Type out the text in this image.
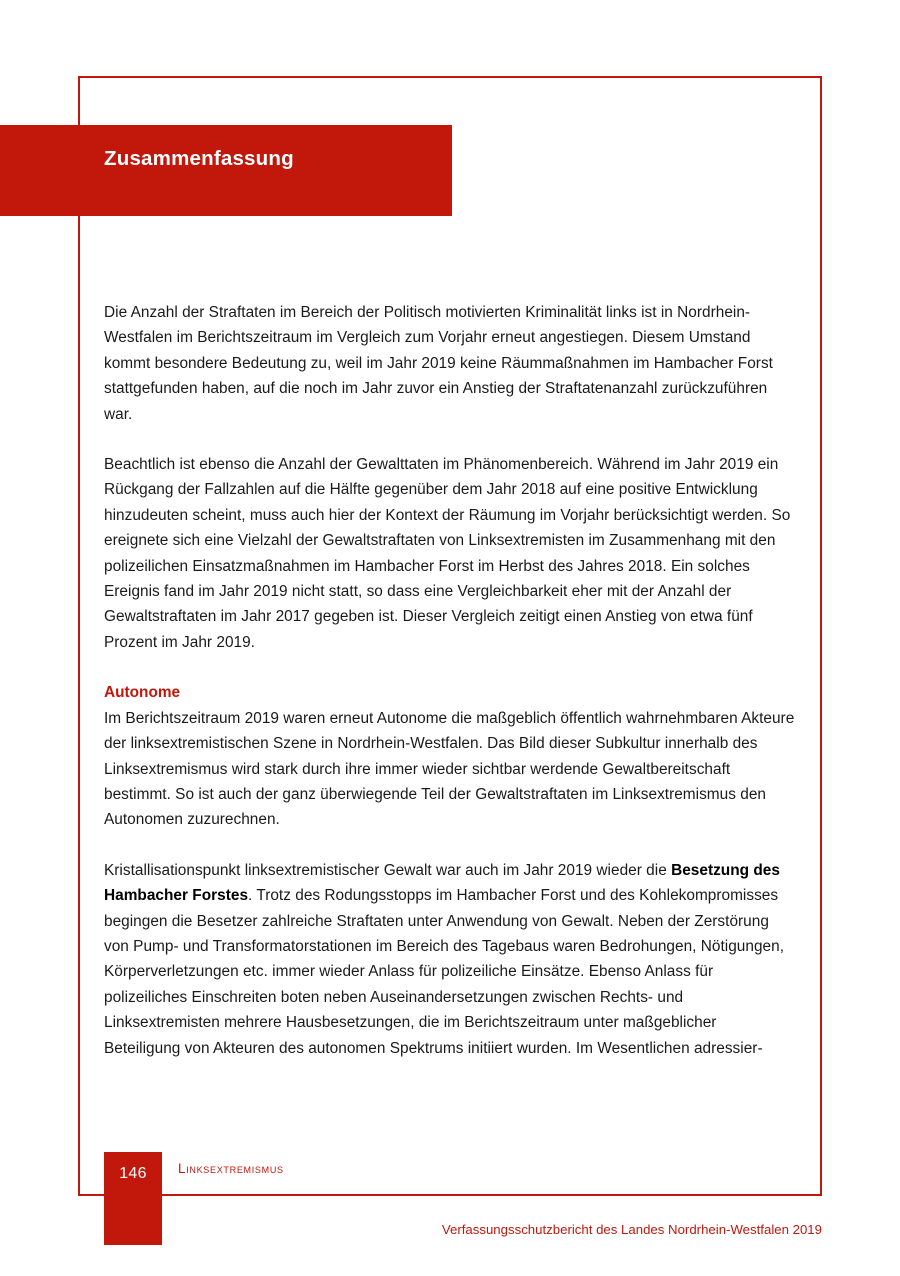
Zusammenfassung

Die Anzahl der Straftaten im Bereich der Politisch motivierten Kriminalität links ist in Nordrhein-Westfalen im Berichtszeitraum im Vergleich zum Vorjahr erneut angestiegen. Diesem Umstand kommt besondere Bedeutung zu, weil im Jahr 2019 keine Räummaßnahmen im Hambacher Forst stattgefunden haben, auf die noch im Jahr zuvor ein Anstieg der Straftatenanzahl zurückzuführen war.

Beachtlich ist ebenso die Anzahl der Gewalttaten im Phänomenbereich. Während im Jahr 2019 ein Rückgang der Fallzahlen auf die Hälfte gegenüber dem Jahr 2018 auf eine positive Entwicklung hinzudeuten scheint, muss auch hier der Kontext der Räumung im Vorjahr berücksichtigt werden. So ereignete sich eine Vielzahl der Gewaltstraftaten von Linksextremisten im Zusammenhang mit den polizeilichen Einsatzmaßnahmen im Hambacher Forst im Herbst des Jahres 2018. Ein solches Ereignis fand im Jahr 2019 nicht statt, so dass eine Vergleichbarkeit eher mit der Anzahl der Gewaltstraftaten im Jahr 2017 gegeben ist. Dieser Vergleich zeitigt einen Anstieg von etwa fünf Prozent im Jahr 2019.

Autonome

Im Berichtszeitraum 2019 waren erneut Autonome die maßgeblich öffentlich wahrnehmbaren Akteure der linksextremistischen Szene in Nordrhein-Westfalen. Das Bild dieser Subkultur innerhalb des Linksextremismus wird stark durch ihre immer wieder sichtbar werdende Gewaltbereitschaft bestimmt. So ist auch der ganz überwiegende Teil der Gewaltstraftaten im Linksextremismus den Autonomen zuzurechnen.

Kristallisationspunkt linksextremistischer Gewalt war auch im Jahr 2019 wieder die Besetzung des Hambacher Forstes. Trotz des Rodungsstopps im Hambacher Forst und des Kohlekompromisses begingen die Besetzer zahlreiche Straftaten unter Anwendung von Gewalt. Neben der Zerstörung von Pump- und Transformatorstationen im Bereich des Tagebaus waren Bedrohungen, Nötigungen, Körperverletzungen etc. immer wieder Anlass für polizeiliche Einsätze. Ebenso Anlass für polizeiliches Einschreiten boten neben Auseinandersetzungen zwischen Rechts- und Linksextremisten mehrere Hausbesetzungen, die im Berichtszeitraum unter maßgeblicher Beteiligung von Akteuren des autonomen Spektrums initiiert wurden. Im Wesentlichen adressier-

146	Linksextremismus
Verfassungsschutzbericht des Landes Nordrhein-Westfalen 2019
